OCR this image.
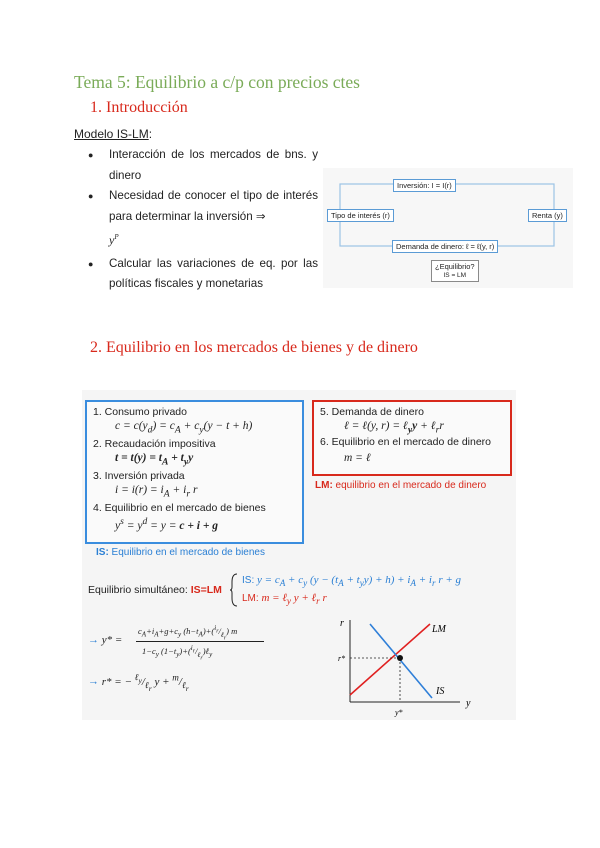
Tema 5: Equilibrio a c/p con precios ctes
1. Introducción
Modelo IS-LM:
● Interacción de los mercados de bns. y dinero
● Necesidad de conocer el tipo de interés para determinar la inversión ⇒
$y^P$
● Calcular las variaciones de eq. por las políticas fiscales y monetarias
Inversión: I = I(r)
Tipo de interés (r)	Renta (y)
Demanda de dinero: ℓ = ℓ(y, r)
¿Equilibrio?
IS = LM
2. Equilibrio en los mercados de bienes y de dinero
1. Consumo privado
$c = c(y_d) = c_A + c_y(y - t + h)$
2. Recaudación impositiva
$t = t(y) = t_A + t_yy$
3. Inversión privada
$i = i(r) = i_A + i_r$ r
4. Equilibrio en el mercado de bienes
$y^s = y^d = y = c + i + g$
IS: Equilibrio en el mercado de bienes
5. Demanda de dinero
ℓ = ℓ(y, r) = ℓ$_y$y + ℓ$_r$r
6. Equilibrio en el mercado de dinero
m = ℓ
LM: equilibrio en el mercado de dinero
Equilibrio simultáneo: IS=LM
IS: $y = c_A + c_y$ $(y - (t_A + t_yy) + h) + i_A + i_r$ r + g
LM: m = ℓ$_y$ y + ℓ$_r$ r
→ y* =
$c_A+i_A+g+c_y$ $(h-t_A)+(^{i_r}/_{\ell_r})$ m
$1-c_y$ $(1-t_y)+(^{i_r}/_{\ell_r})\ell_y$
→ r* = − $^{\ell_y}/_{\ell_r}$ $y + ^m/_{\ell_r}$
r
y
LM
IS
r*
y*
